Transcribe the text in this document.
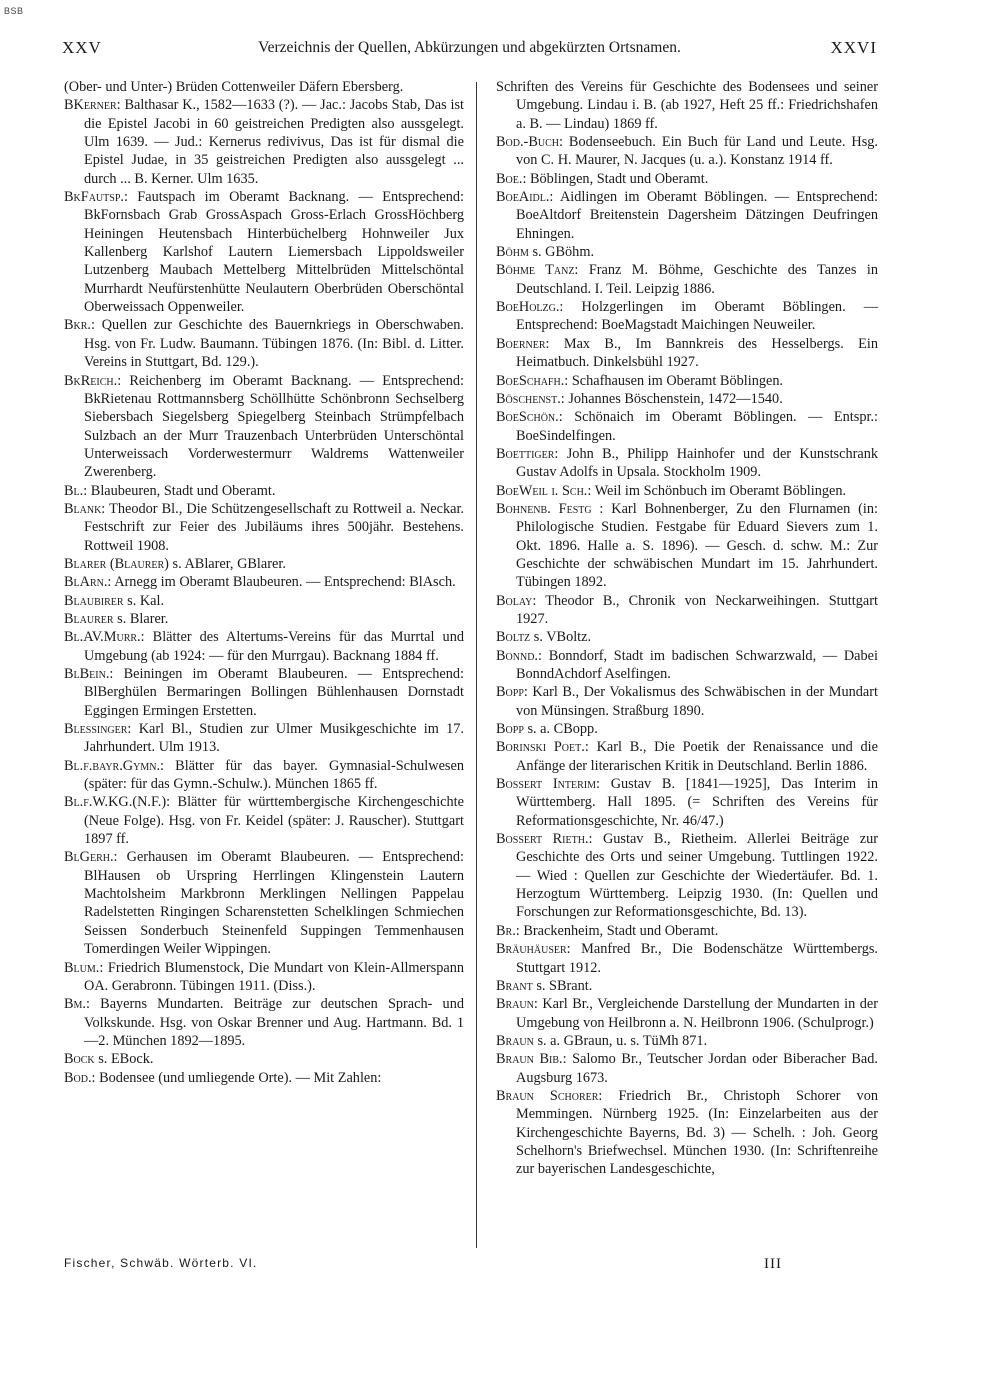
BSB
XXV	Verzeichnis der Quellen, Abkürzungen und abgekürzten Ortsnamen.	XXVI

(Ober- und Unter-) Brüden Cottenweiler Däfern Ebersberg.

BKerner: Balthasar K., 1582—1633 (?). — Jac.: Jacobs Stab, Das ist die Epistel Jacobi in 60 geistreichen Predigten also aussgelegt. Ulm 1639. — Jud.: Kernerus redivivus, Das ist für dismal die Epistel Judae, in 35 geistreichen Predigten also aussgelegt ... durch ... B. Kerner. Ulm 1635.

BkFautsp.: Fautspach im Oberamt Backnang. — Entsprechend: BkFornsbach Grab GrossAspach Gross-Erlach GrossHöchberg Heiningen Heutensbach Hinterbüchelberg Hohnweiler Jux Kallenberg Karlshof Lautern Liemersbach Lippoldsweiler Lutzenberg Maubach Mettelberg Mittelbrüden Mittelschöntal Murrhardt Neufürstenhütte Neulautern Oberbrüden Oberschöntal Oberweissach Oppenweiler.

Bkr.: Quellen zur Geschichte des Bauernkriegs in Oberschwaben. Hsg. von Fr. Ludw. Baumann. Tübingen 1876. (In: Bibl. d. Litter. Vereins in Stuttgart, Bd. 129.).

BkReich.: Reichenberg im Oberamt Backnang. — Entsprechend: BkRietenau Rottmannsberg Schöllhütte Schönbronn Sechselberg Siebersbach Siegelsberg Spiegelberg Steinbach Strümpfelbach Sulzbach an der Murr Trauzenbach Unterbrüden Unterschöntal Unterweissach Vorderwestermurr Waldrems Wattenweiler Zwerenberg.

Bl.: Blaubeuren, Stadt und Oberamt.

Blank: Theodor Bl., Die Schützengesellschaft zu Rottweil a. Neckar. Festschrift zur Feier des Jubiläums ihres 500jähr. Bestehens. Rottweil 1908.

Blarer (Blaurer) s. ABlarer, GBlarer.

BlArn.: Arnegg im Oberamt Blaubeuren. — Entsprechend: BlAsch.

Blaubirer s. Kal.

Blaurer s. Blarer.

Bl.AV.Murr.: Blätter des Altertums-Vereins für das Murrtal und Umgebung (ab 1924: — für den Murrgau). Backnang 1884 ff.

BlBein.: Beiningen im Oberamt Blaubeuren. — Entsprechend: BlBerghülen Bermaringen Bollingen Bühlenhausen Dornstadt Eggingen Ermingen Erstetten.

Blessinger: Karl Bl., Studien zur Ulmer Musikgeschichte im 17. Jahrhundert. Ulm 1913.

Bl.f.bayr.Gymn.: Blätter für das bayer. Gymnasial-Schulwesen (später: für das Gymn.-Schulw.). München 1865 ff.

Bl.f.W.KG.(N.F.): Blätter für württembergische Kirchengeschichte (Neue Folge). Hsg. von Fr. Keidel (später: J. Rauscher). Stuttgart 1897 ff.

BlGerh.: Gerhausen im Oberamt Blaubeuren. — Entsprechend: BlHausen ob Urspring Herrlingen Klingenstein Lautern Machtolsheim Markbronn Merklingen Nellingen Pappelau Radelstetten Ringingen Scharenstetten Schelklingen Schmiechen Seissen Sonderbuch Steinenfeld Suppingen Temmenhausen Tomerdingen Weiler Wippingen.

Blum.: Friedrich Blumenstock, Die Mundart von Klein-Allmerspann OA. Gerabronn. Tübingen 1911. (Diss.).

Bm.: Bayerns Mundarten. Beiträge zur deutschen Sprach- und Volkskunde. Hsg. von Oskar Brenner und Aug. Hartmann. Bd. 1—2. München 1892—1895.

Bock s. EBock.

Bod.: Bodensee (und umliegende Orte). — Mit Zahlen:

Schriften des Vereins für Geschichte des Bodensees und seiner Umgebung. Lindau i. B. (ab 1927, Heft 25 ff.: Friedrichshafen a. B. — Lindau) 1869 ff.

Bod.-Buch: Bodenseebuch. Ein Buch für Land und Leute. Hsg. von C. H. Maurer, N. Jacques (u. a.). Konstanz 1914 ff.

Boe.: Böblingen, Stadt und Oberamt.

BoeAidl.: Aidlingen im Oberamt Böblingen. — Entsprechend: BoeAltdorf Breitenstein Dagersheim Dätzingen Deufringen Ehningen.

Böhm s. GBöhm.

Böhme Tanz: Franz M. Böhme, Geschichte des Tanzes in Deutschland. I. Teil. Leipzig 1886.

BoeHolzg.: Holzgerlingen im Oberamt Böblingen. — Entsprechend: BoeMagstadt Maichingen Neuweiler.

Boerner: Max B., Im Bannkreis des Hesselbergs. Ein Heimatbuch. Dinkelsbühl 1927.

BoeSchafh.: Schafhausen im Oberamt Böblingen.

Böschenst.: Johannes Böschenstein, 1472—1540.

BoeSchön.: Schönaich im Oberamt Böblingen. — Entspr.: BoeSindelfingen.

Boettiger: John B., Philipp Hainhofer und der Kunstschrank Gustav Adolfs in Upsala. Stockholm 1909.

BoeWeil i. Sch.: Weil im Schönbuch im Oberamt Böblingen.

Bohnenb. Festg : Karl Bohnenberger, Zu den Flurnamen (in: Philologische Studien. Festgabe für Eduard Sievers zum 1. Okt. 1896. Halle a. S. 1896). — Gesch. d. schw. M.: Zur Geschichte der schwäbischen Mundart im 15. Jahrhundert. Tübingen 1892.

Bolay: Theodor B., Chronik von Neckarweihingen. Stuttgart 1927.

Boltz s. VBoltz.

Bonnd.: Bonndorf, Stadt im badischen Schwarzwald, — Dabei BonndAchdorf Aselfingen.

Bopp: Karl B., Der Vokalismus des Schwäbischen in der Mundart von Münsingen. Straßburg 1890.

Bopp s. a. CBopp.

Borinski Poet.: Karl B., Die Poetik der Renaissance und die Anfänge der literarischen Kritik in Deutschland. Berlin 1886.

Bossert Interim: Gustav B. [1841—1925], Das Interim in Württemberg. Hall 1895. (= Schriften des Vereins für Reformationsgeschichte, Nr. 46/47.)

Bossert Rieth.: Gustav B., Rietheim. Allerlei Beiträge zur Geschichte des Orts und seiner Umgebung. Tuttlingen 1922. — Wied : Quellen zur Geschichte der Wiedertäufer. Bd. 1. Herzogtum Württemberg. Leipzig 1930. (In: Quellen und Forschungen zur Reformationsgeschichte, Bd. 13).

Br.: Brackenheim, Stadt und Oberamt.

Bräuhäuser: Manfred Br., Die Bodenschätze Württembergs. Stuttgart 1912.

Brant s. SBrant.

Braun: Karl Br., Vergleichende Darstellung der Mundarten in der Umgebung von Heilbronn a. N. Heilbronn 1906. (Schulprogr.)

Braun s. a. GBraun, u. s. TüMh 871.

Braun Bib.: Salomo Br., Teutscher Jordan oder Biberacher Bad. Augsburg 1673.

Braun Schorer: Friedrich Br., Christoph Schorer von Memmingen. Nürnberg 1925. (In: Einzelarbeiten aus der Kirchengeschichte Bayerns, Bd. 3) — Schelh. : Joh. Georg Schelhorn's Briefwechsel. München 1930. (In: Schriftenreihe zur bayerischen Landesgeschichte,

Fischer, Schwäb. Wörterb. VI.	III
